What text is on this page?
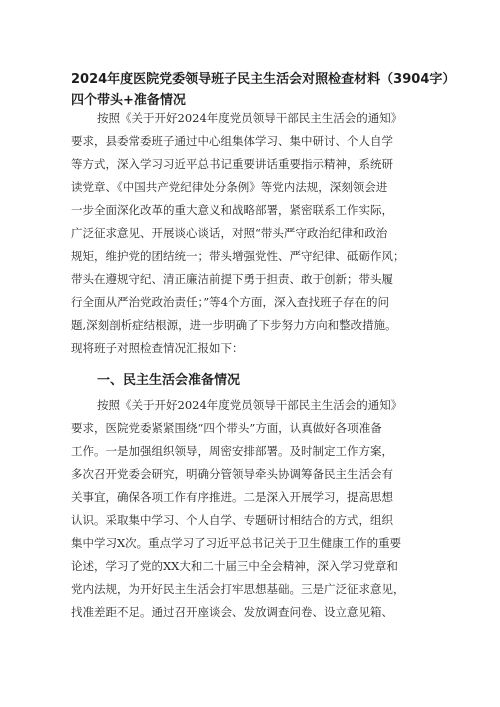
2024年度医院党委领导班子民主生活会对照检查材料（3904字）
四个带头+准备情况
按照《关于开好2024年度党员领导干部民主生活会的通知》
要求，县委常委班子通过中心组集体学习、集中研讨、个人自学
等方式，深入学习习近平总书记重要讲话重要指示精神，系统研
读党章、《中国共产党纪律处分条例》等党内法规，深刻领会进
一步全面深化改革的重大意义和战略部署，紧密联系工作实际，
广泛征求意见、开展谈心谈话，对照“带头严守政治纪律和政治
规矩，维护党的团结统一；带头增强党性、严守纪律、砥砺作风；
带头在遵规守纪、清正廉洁前提下勇于担责、敢于创新；带头履
行全面从严治党政治责任；”等4个方面，深入查找班子存在的问
题,深刻剖析症结根源，进一步明确了下步努力方向和整改措施。
现将班子对照检查情况汇报如下：
一、民主生活会准备情况
按照《关于开好2024年度党员领导干部民主生活会的通知》
要求，医院党委紧紧围绕“四个带头”方面，认真做好各项准备
工作。一是加强组织领导，周密安排部署。及时制定工作方案，
多次召开党委会研究，明确分管领导牵头协调筹备民主生活会有
关事宜，确保各项工作有序推进。二是深入开展学习，提高思想
认识。采取集中学习、个人自学、专题研讨相结合的方式，组织
集中学习X次。重点学习了习近平总书记关于卫生健康工作的重要
论述，学习了党的XX大和二十届三中全会精神，深入学习党章和
党内法规，为开好民主生活会打牢思想基础。三是广泛征求意见，
找准差距不足。通过召开座谈会、发放调查问卷、设立意见箱、
